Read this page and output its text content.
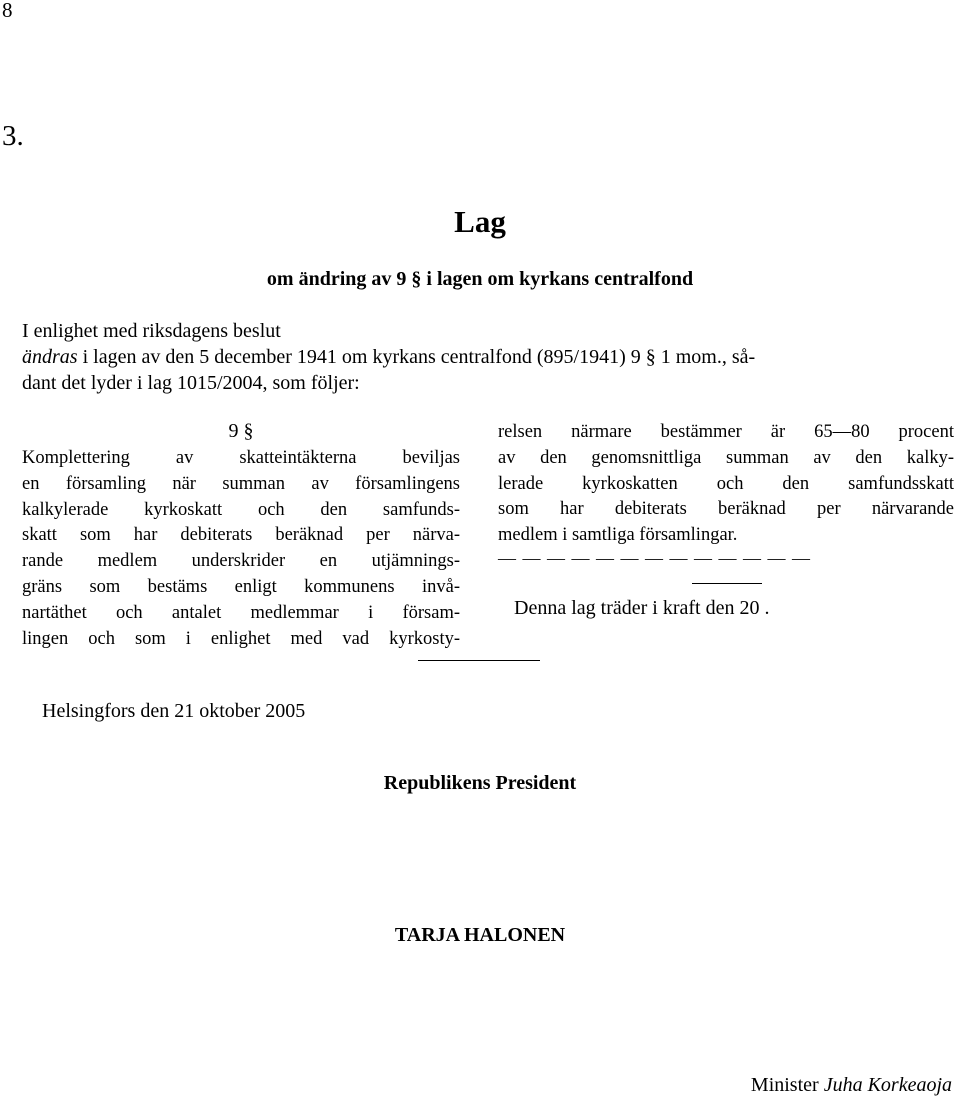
8
3.
Lag
om ändring av 9 § i lagen om kyrkans centralfond
I enlighet med riksdagens beslut
ändras i lagen av den 5 december 1941 om kyrkans centralfond (895/1941) 9 § 1 mom., så-
dant det lyder i lag 1015/2004, som följer:
9 §
Komplettering av skatteintäkterna beviljas
en församling när summan av församlingens
kalkylerade kyrkoskatt och den samfunds-
skatt som har debiterats beräknad per närva-
rande medlem underskrider en utjämnings-
gräns som bestäms enligt kommunens invå-
nartäthet och antalet medlemmar i försam-
lingen och som i enlighet med vad kyrkosty-
relsen närmare bestämmer är 65—80 procent
av den genomsnittliga summan av den kalky-
lerade kyrkoskatten och den samfundsskatt
som har debiterats beräknad per närvarande
medlem i samtliga församlingar.
— — — — — — — — — — — — —
Denna lag träder i kraft den 20 .
Helsingfors den 21 oktober 2005
Republikens President
TARJA HALONEN
Minister Juha Korkeaoja
